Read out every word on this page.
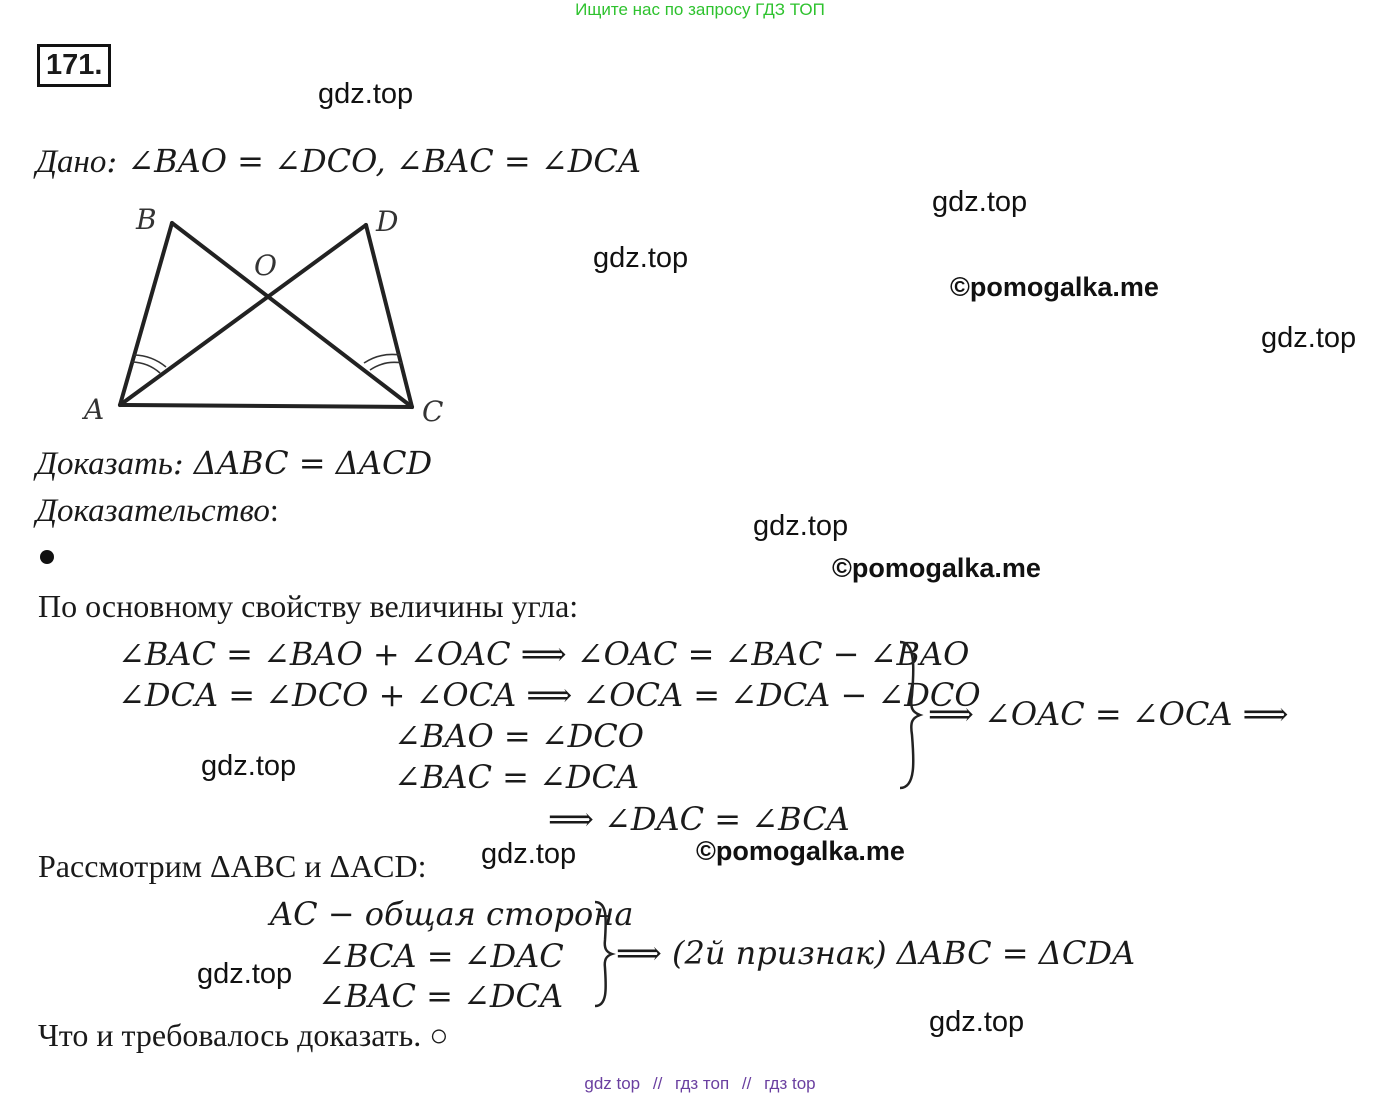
Ищите нас по запросу ГДЗ ТОП
171.
gdz.top
gdz.top
gdz.top
©pomogalka.me
gdz.top
gdz.top
©pomogalka.me
gdz.top
gdz.top	©pomogalka.me
gdz.top
gdz.top
Дано: ∠BAO = ∠DCO, ∠BAC = ∠DCA
A
B
C
D
O
Доказать: ΔABC = ΔACD
Доказательство:
По основному свойству величины угла:
∠BAC = ∠BAO + ∠OAC ⟹ ∠OAC = ∠BAC − ∠BAO
∠DCA = ∠DCO + ∠OCA ⟹ ∠OCA = ∠DCA − ∠DCO
∠BAO = ∠DCO
∠BAC = ∠DCA
⟹ ∠OAC = ∠OCA ⟹
⟹ ∠DAC = ∠BCA
Рассмотрим ΔABC и ΔACD:
AC − общая сторона
∠BCA = ∠DAC
∠BAC = ∠DCA
⟹ (2й признак) ΔABC = ΔCDA
Что и требовалось доказать. ○
gdz top // гдз топ // гдз top
